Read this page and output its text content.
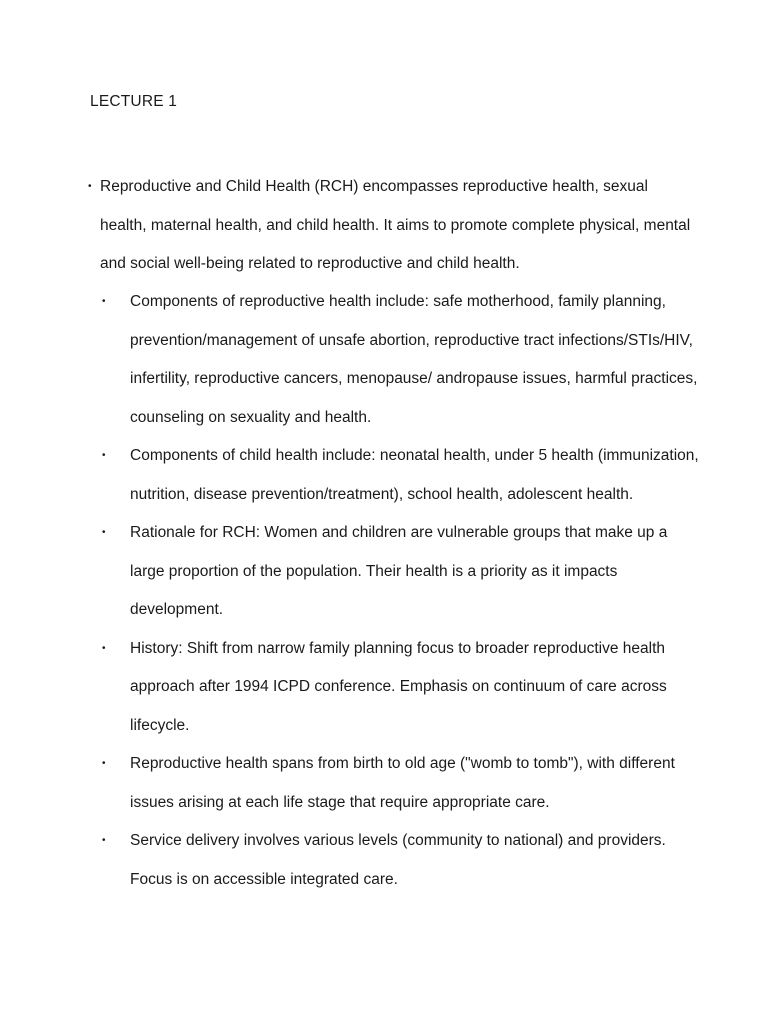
LECTURE 1
• Reproductive and Child Health (RCH) encompasses reproductive health, sexual health, maternal health, and child health. It aims to promote complete physical, mental and social well-being related to reproductive and child health.
•	Components of reproductive health include: safe motherhood, family planning, prevention/management of unsafe abortion, reproductive tract infections/STIs/HIV, infertility, reproductive cancers, menopause/ andropause issues, harmful practices, counseling on sexuality and health.
•	Components of child health include: neonatal health, under 5 health (immunization, nutrition, disease prevention/treatment), school health, adolescent health.
•	Rationale for RCH: Women and children are vulnerable groups that make up a large proportion of the population. Their health is a priority as it impacts development.
•	History: Shift from narrow family planning focus to broader reproductive health approach after 1994 ICPD conference. Emphasis on continuum of care across lifecycle.
•	Reproductive health spans from birth to old age ("womb to tomb"), with different issues arising at each life stage that require appropriate care.
•	Service delivery involves various levels (community to national) and providers. Focus is on accessible integrated care.
